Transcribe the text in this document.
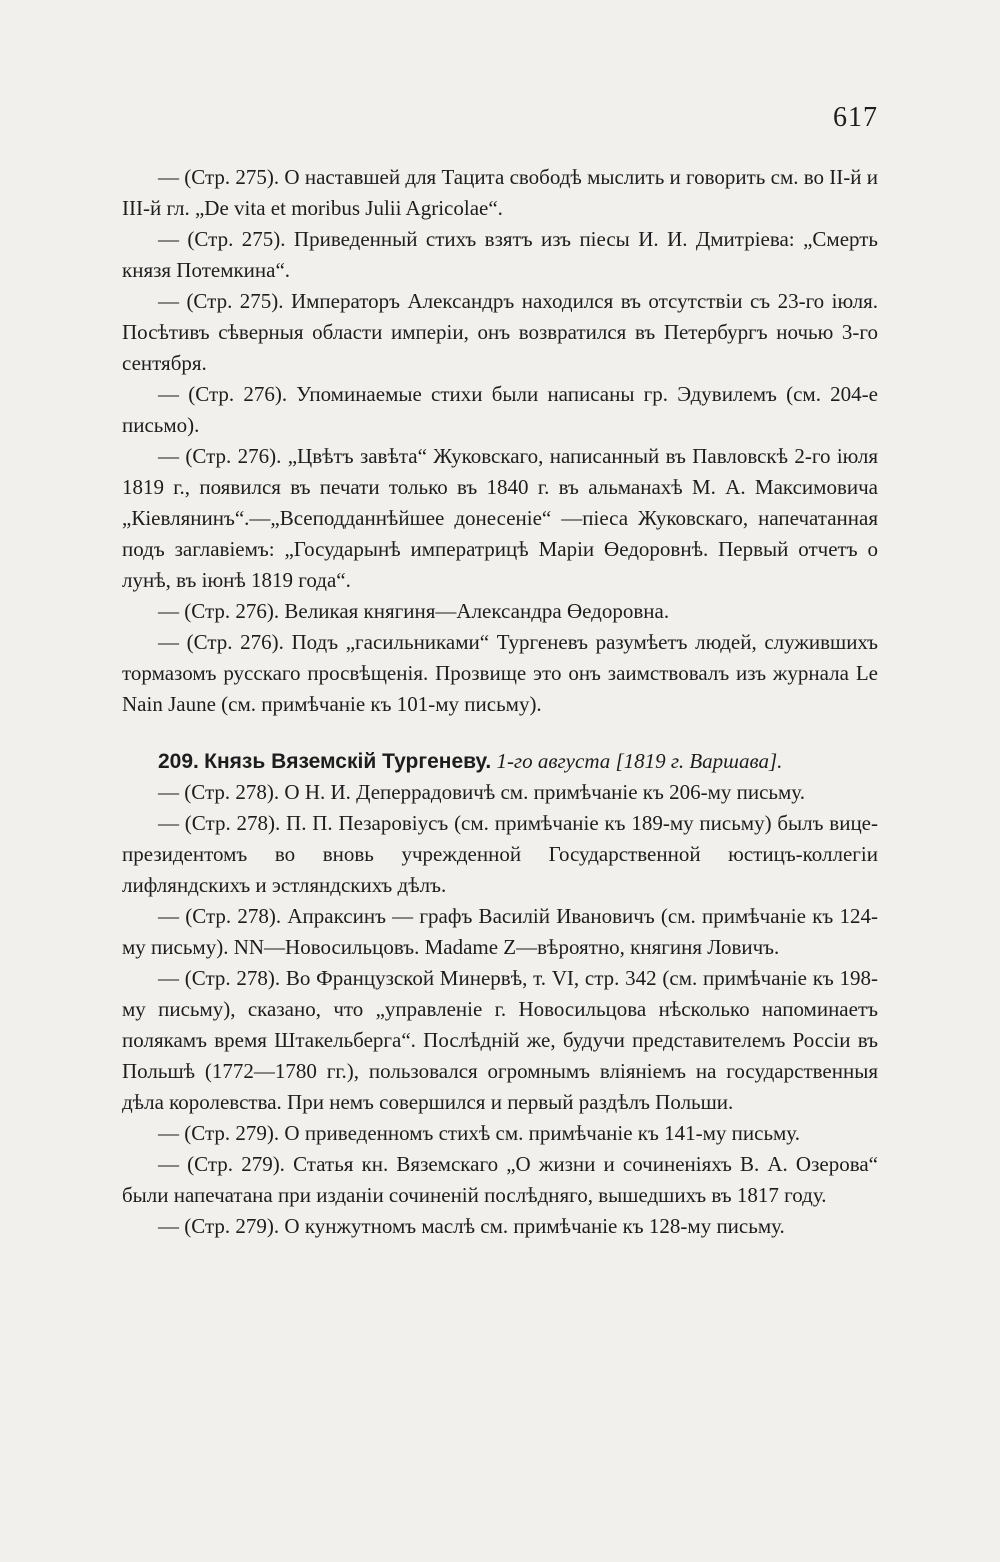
617

— (Стр. 275). О наставшей для Тацита свободѣ мыслить и говорить см. во II-й и III-й гл. „De vita et moribus Julii Agricolae“.

— (Стр. 275). Приведенный стихъ взятъ изъ піесы И. И. Дмитріева: „Смерть князя Потемкина“.

— (Стр. 275). Императоръ Александръ находился въ отсутствіи съ 23-го іюля. Посѣтивъ сѣверныя области имперіи, онъ возвратился въ Петербургъ ночью 3-го сентября.

— (Стр. 276). Упоминаемые стихи были написаны гр. Эдувилемъ (см. 204-е письмо).

— (Стр. 276). „Цвѣтъ завѣта“ Жуковскаго, написанный въ Павловскѣ 2-го іюля 1819 г., появился въ печати только въ 1840 г. въ альманахѣ М. А. Максимовича „Кіевлянинъ“.—„Всеподданнѣйшее донесеніе“ —піеса Жуковскаго, напечатанная подъ заглавіемъ: „Государынѣ императрицѣ Маріи Өедоровнѣ. Первый отчетъ о лунѣ, въ іюнѣ 1819 года“.

— (Стр. 276). Великая княгиня—Александра Өедоровна.

— (Стр. 276). Подъ „гасильниками“ Тургеневъ разумѣетъ людей, служившихъ тормазомъ русскаго просвѣщенія. Прозвище это онъ заимствовалъ изъ журнала Le Nain Jaune (см. примѣчаніе къ 101-му письму).

209. Князь Вяземскій Тургеневу. 1-го августа [1819 г. Варшава].

— (Стр. 278). О Н. И. Деперрадовичѣ см. примѣчаніе къ 206-му письму.

— (Стр. 278). П. П. Пезаровіусъ (см. примѣчаніе къ 189-му письму) былъ вице-президентомъ во вновь учрежденной Государственной юстицъ-коллегіи лифляндскихъ и эстляндскихъ дѣлъ.

— (Стр. 278). Апраксинъ — графъ Василій Ивановичъ (см. примѣчаніе къ 124-му письму). NN—Новосильцовъ. Madame Z—вѣроятно, княгиня Ловичъ.

— (Стр. 278). Во Французской Минервѣ, т. VI, стр. 342 (см. примѣчаніе къ 198-му письму), сказано, что „управленіе г. Новосильцова нѣсколько напоминаетъ полякамъ время Штакельберга“. Послѣдній же, будучи представителемъ Россіи въ Польшѣ (1772—1780 гг.), пользовался огромнымъ вліяніемъ на государственныя дѣла королевства. При немъ совершился и первый раздѣлъ Польши.

— (Стр. 279). О приведенномъ стихѣ см. примѣчаніе къ 141-му письму.

— (Стр. 279). Статья кн. Вяземскаго „О жизни и сочиненіяхъ В. А. Озерова“ были напечатана при изданіи сочиненій послѣдняго, вышедшихъ въ 1817 году.

— (Стр. 279). О кунжутномъ маслѣ см. примѣчаніе къ 128-му письму.
